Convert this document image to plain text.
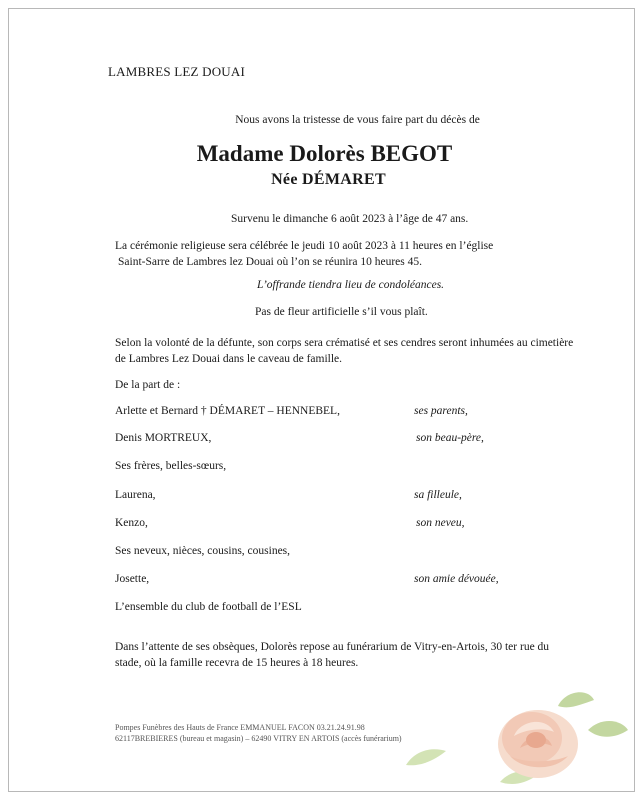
LAMBRES LEZ DOUAI
Nous avons la tristesse de vous faire part du décès de
Madame Dolorès BEGOT
Née DÉMARET
Survenu le dimanche 6 août 2023 à l’âge de 47 ans.
La cérémonie religieuse sera célébrée le jeudi 10 août 2023 à 11 heures en l’église
Saint-Sarre de Lambres lez Douai où l’on se réunira 10 heures 45.
L’offrande tiendra lieu de condoléances.
Pas de fleur artificielle s’il vous plaît.
Selon la volonté de la défunte, son corps sera crématisé et ses cendres seront inhumées au cimetière
de Lambres Lez Douai dans le caveau de famille.
De la part de :
Arlette et Bernard † DÉMARET – HENNEBEL,	ses parents,
Denis MORTREUX,	son beau-père,
Ses frères, belles-sœurs,
Laurena,	sa filleule,
Kenzo,	son neveu,
Ses neveux, nièces, cousins, cousines,
Josette,	son amie dévouée,
L’ensemble du club de football de l’ESL
Dans l’attente de ses obsèques, Dolorès repose au funérarium de Vitry-en-Artois, 30 ter rue du
stade, où la famille recevra de 15 heures à 18 heures.
Pompes Funèbres des Hauts de France EMMANUEL FACON 03.21.24.91.98
62117BREBIERES (bureau et magasin) – 62490 VITRY EN ARTOIS (accès funérarium)
